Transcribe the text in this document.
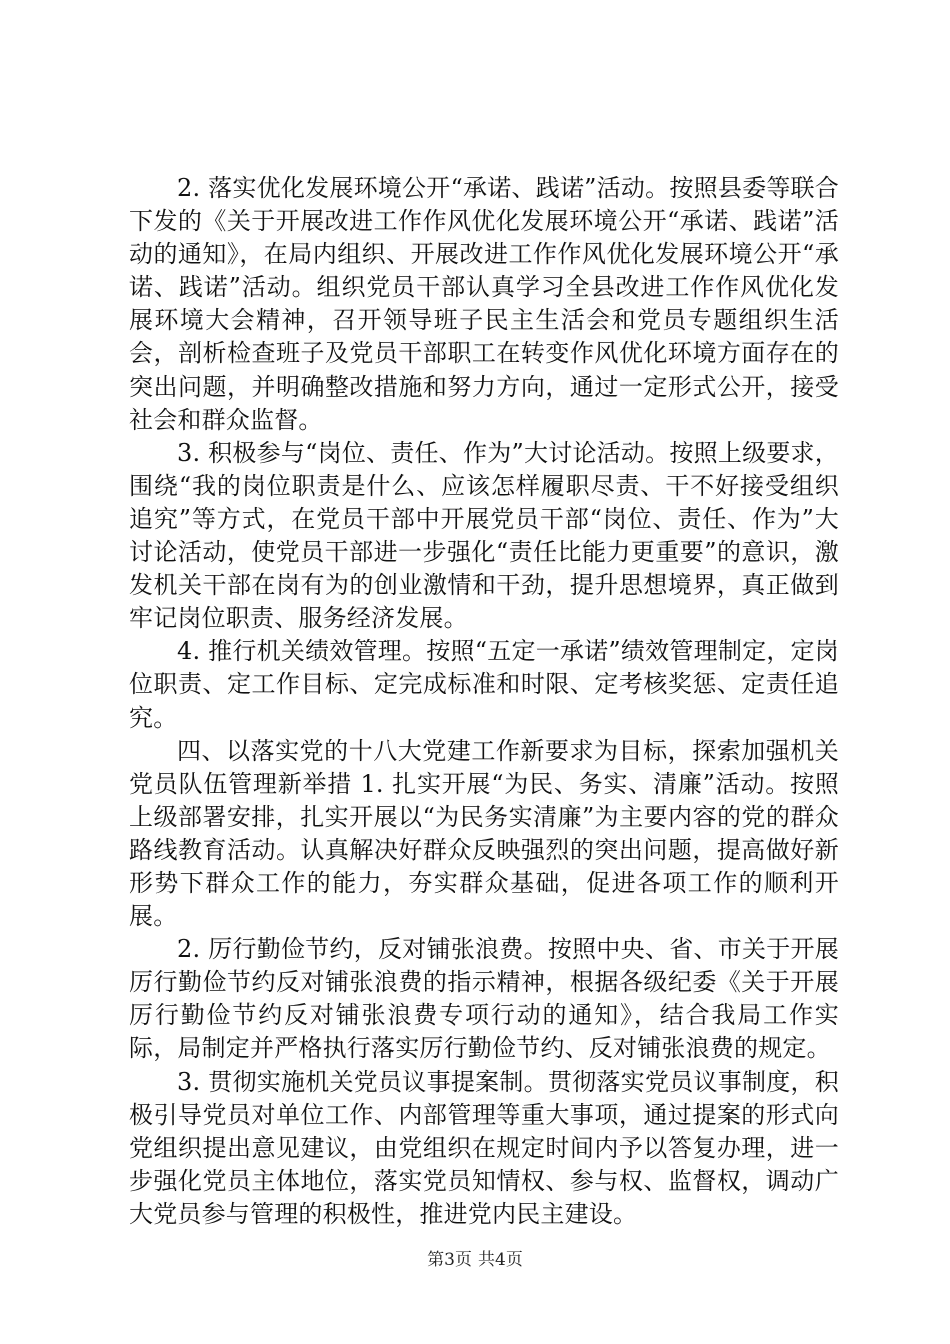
2. 落实优化发展环境公开“承诺、践诺”活动。按照县委等联合下发的《关于开展改进工作作风优化发展环境公开“承诺、践诺”活动的通知》，在局内组织、开展改进工作作风优化发展环境公开“承诺、践诺”活动。组织党员干部认真学习全县改进工作作风优化发展环境大会精神，召开领导班子民主生活会和党员专题组织生活会，剖析检查班子及党员干部职工在转变作风优化环境方面存在的突出问题，并明确整改措施和努力方向，通过一定形式公开，接受社会和群众监督。

3. 积极参与“岗位、责任、作为”大讨论活动。按照上级要求，围绕“我的岗位职责是什么、应该怎样履职尽责、干不好接受组织追究”等方式，在党员干部中开展党员干部“岗位、责任、作为”大讨论活动，使党员干部进一步强化“责任比能力更重要”的意识，激发机关干部在岗有为的创业激情和干劲，提升思想境界，真正做到牢记岗位职责、服务经济发展。

4. 推行机关绩效管理。按照“五定一承诺”绩效管理制定，定岗位职责、定工作目标、定完成标准和时限、定考核奖惩、定责任追究。

四、以落实党的十八大党建工作新要求为目标，探索加强机关党员队伍管理新举措 1. 扎实开展“为民、务实、清廉”活动。按照上级部署安排，扎实开展以“为民务实清廉”为主要内容的党的群众路线教育活动。认真解决好群众反映强烈的突出问题，提高做好新形势下群众工作的能力，夯实群众基础，促进各项工作的顺利开展。

2. 厉行勤俭节约，反对铺张浪费。按照中央、省、市关于开展厉行勤俭节约反对铺张浪费的指示精神，根据各级纪委《关于开展厉行勤俭节约反对铺张浪费专项行动的通知》，结合我局工作实际，局制定并严格执行落实厉行勤俭节约、反对铺张浪费的规定。

3. 贯彻实施机关党员议事提案制。贯彻落实党员议事制度，积极引导党员对单位工作、内部管理等重大事项，通过提案的形式向党组织提出意见建议，由党组织在规定时间内予以答复办理，进一步强化党员主体地位，落实党员知情权、参与权、监督权，调动广大党员参与管理的积极性，推进党内民主建设。

第3页 共4页
